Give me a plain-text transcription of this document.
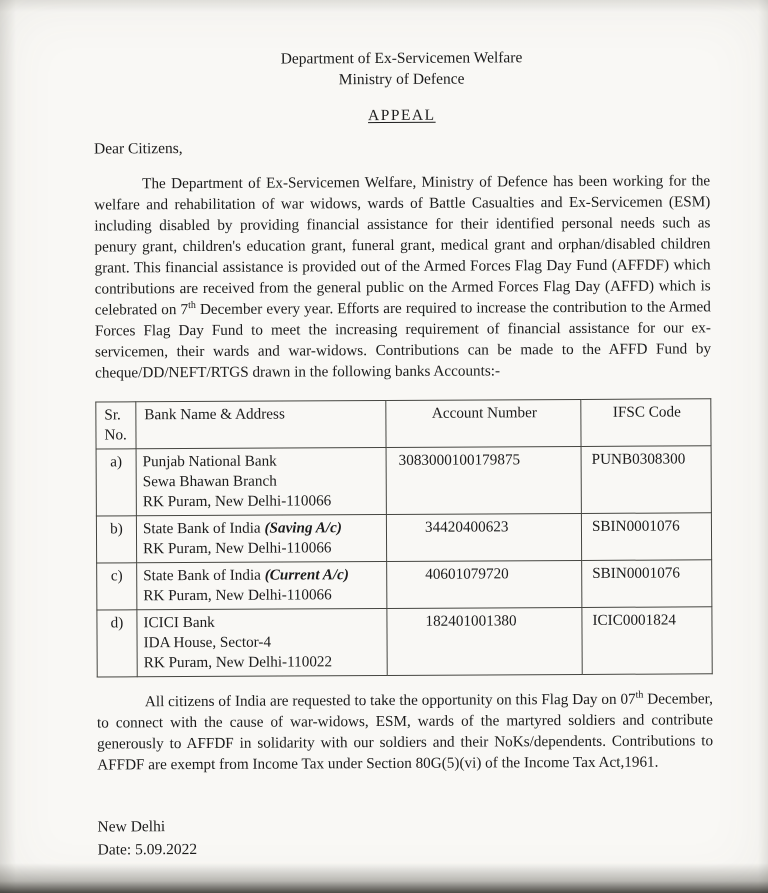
Department of Ex-Servicemen Welfare
Ministry of Defence
APPEAL
Dear Citizens,

The Department of Ex-Servicemen Welfare, Ministry of Defence has been working for the welfare and rehabilitation of war widows, wards of Battle Casualties and Ex-Servicemen (ESM) including disabled by providing financial assistance for their identified personal needs such as penury grant, children's education grant, funeral grant, medical grant and orphan/disabled children grant. This financial assistance is provided out of the Armed Forces Flag Day Fund (AFFDF) which contributions are received from the general public on the Armed Forces Flag Day (AFFD) which is celebrated on 7th December every year. Efforts are required to increase the contribution to the Armed Forces Flag Day Fund to meet the increasing requirement of financial assistance for our ex-servicemen, their wards and war-widows. Contributions can be made to the AFFD Fund by cheque/DD/NEFT/RTGS drawn in the following banks Accounts:-

Sr.
No.	Bank Name & Address	Account Number	IFSC Code
a)	Punjab National Bank
Sewa Bhawan Branch
RK Puram, New Delhi-110066	3083000100179875	PUNB0308300
b)	State Bank of India (Saving A/c)
RK Puram, New Delhi-110066	34420400623	SBIN0001076
c)	State Bank of India (Current A/c)
RK Puram, New Delhi-110066	40601079720	SBIN0001076
d)	ICICI Bank
IDA House, Sector-4
RK Puram, New Delhi-110022	182401001380	ICIC0001824

All citizens of India are requested to take the opportunity on this Flag Day on 07th December, to connect with the cause of war-widows, ESM, wards of the martyred soldiers and contribute generously to AFFDF in solidarity with our soldiers and their NoKs/dependents. Contributions to AFFDF are exempt from Income Tax under Section 80G(5)(vi) of the Income Tax Act,1961.

New Delhi
Date: 5.09.2022
